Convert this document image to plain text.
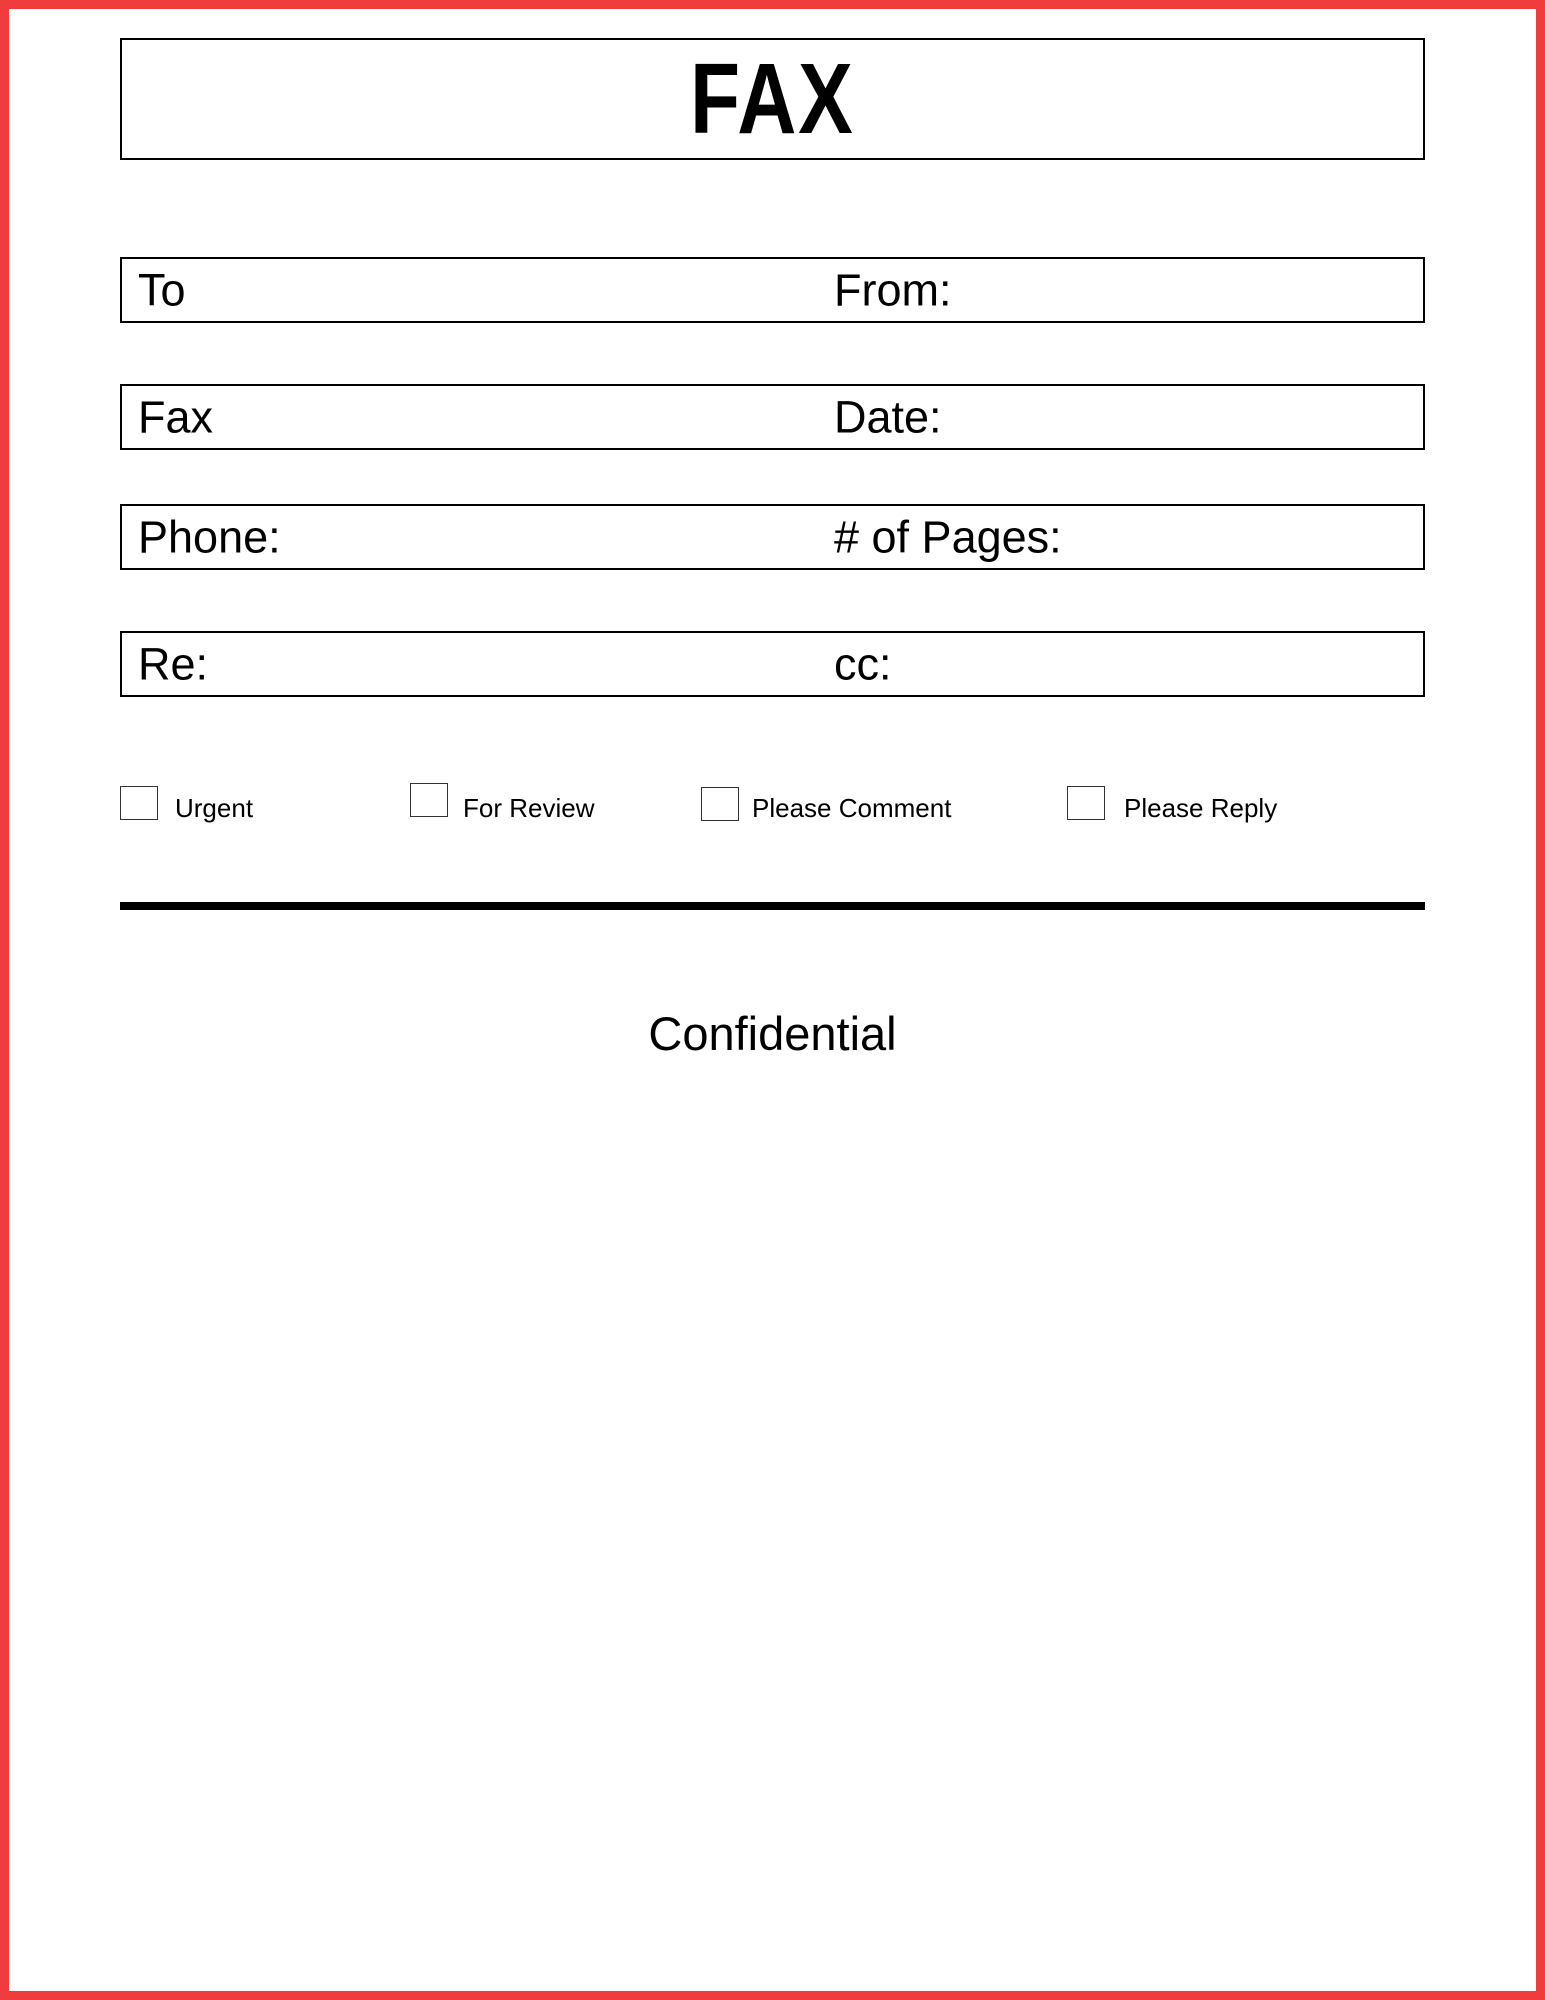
FAX
To	From:
Fax	Date:
Phone:	# of Pages:
Re:	cc:
Urgent	For Review	Please Comment	Please Reply
Confidential
